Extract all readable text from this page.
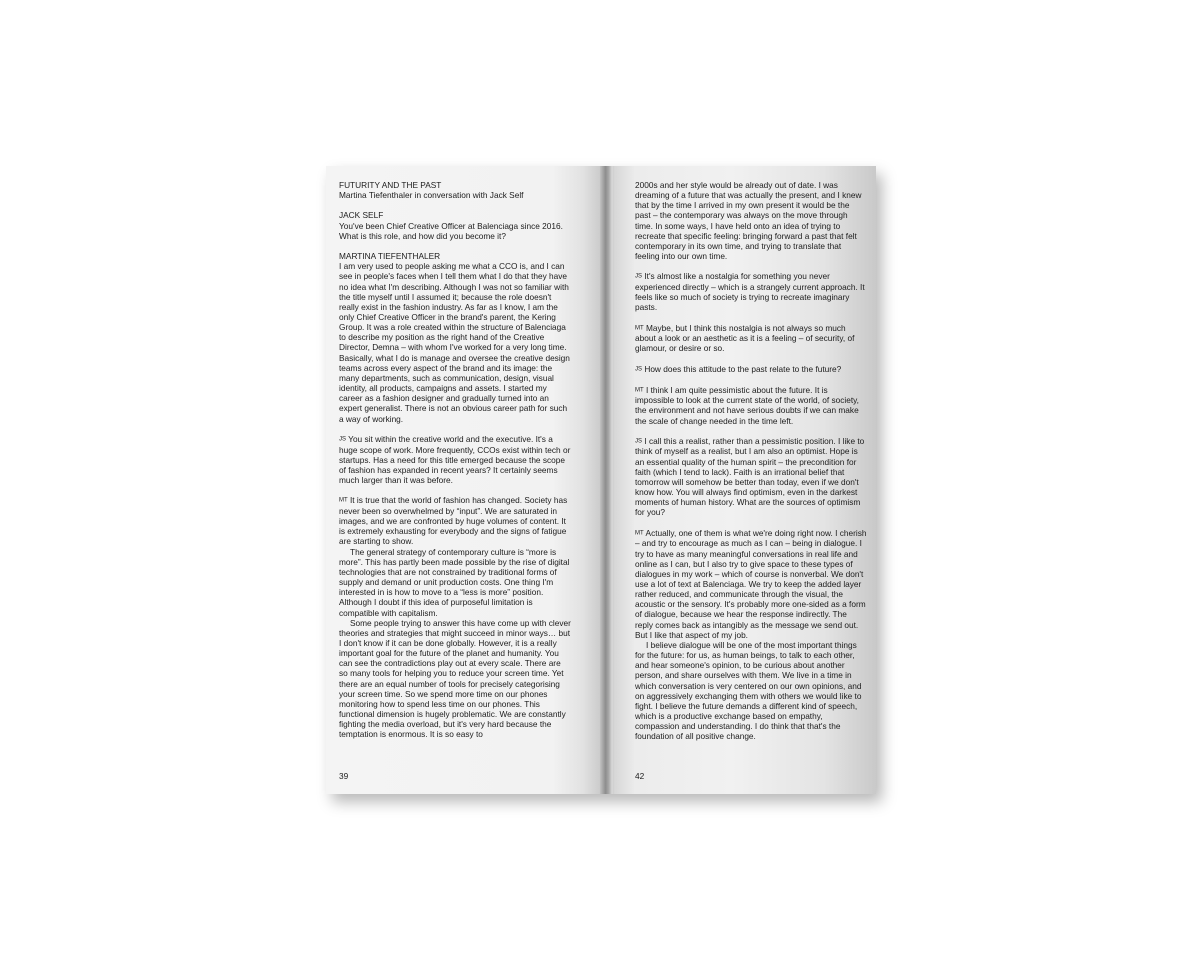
FUTURITY AND THE PAST

Martina Tiefenthaler in conversation with Jack Self

JACK SELF

You've been Chief Creative Officer at Balenciaga since 2016. What is this role, and how did you become it?

MARTINA TIEFENTHALER

I am very used to people asking me what a CCO is, and I can see in people's faces when I tell them what I do that they have no idea what I'm describing. Although I was not so familiar with the title myself until I assumed it; because the role doesn't really exist in the fashion industry. As far as I know, I am the only Chief Creative Officer in the brand's parent, the Kering Group. It was a role created within the structure of Balenciaga to describe my position as the right hand of the Creative Director, Demna – with whom I've worked for a very long time. Basically, what I do is manage and oversee the creative design teams across every aspect of the brand and its image: the many departments, such as communication, design, visual identity, all products, campaigns and assets. I started my career as a fashion designer and gradually turned into an expert generalist. There is not an obvious career path for such a way of working.

JS You sit within the creative world and the executive. It's a huge scope of work. More frequently, CCOs exist within tech or startups. Has a need for this title emerged because the scope of fashion has expanded in recent years? It certainly seems much larger than it was before.

MT It is true that the world of fashion has changed. Society has never been so overwhelmed by “input”. We are saturated in images, and we are confronted by huge volumes of content. It is extremely exhausting for everybody and the signs of fatigue are starting to show.

The general strategy of contemporary culture is “more is more”. This has partly been made possible by the rise of digital technologies that are not constrained by traditional forms of supply and demand or unit production costs. One thing I'm interested in is how to move to a “less is more” position. Although I doubt if this idea of purposeful limitation is compatible with capitalism.

Some people trying to answer this have come up with clever theories and strategies that might succeed in minor ways… but I don't know if it can be done globally. However, it is a really important goal for the future of the planet and humanity. You can see the contradictions play out at every scale. There are so many tools for helping you to reduce your screen time. Yet there are an equal number of tools for precisely categorising your screen time. So we spend more time on our phones monitoring how to spend less time on our phones. This functional dimension is hugely problematic. We are constantly fighting the media overload, but it's very hard because the temptation is enormous. It is so easy to

39

2000s and her style would be already out of date. I was dreaming of a future that was actually the present, and I knew that by the time I arrived in my own present it would be the past – the contemporary was always on the move through time. In some ways, I have held onto an idea of trying to recreate that specific feeling: bringing forward a past that felt contemporary in its own time, and trying to translate that feeling into our own time.

JS It's almost like a nostalgia for something you never experienced directly – which is a strangely current approach. It feels like so much of society is trying to recreate imaginary pasts.

MT Maybe, but I think this nostalgia is not always so much about a look or an aesthetic as it is a feeling – of security, of glamour, or desire or so.

JS How does this attitude to the past relate to the future?

MT I think I am quite pessimistic about the future. It is impossible to look at the current state of the world, of society, the environment and not have serious doubts if we can make the scale of change needed in the time left.

JS I call this a realist, rather than a pessimistic position. I like to think of myself as a realist, but I am also an optimist. Hope is an essential quality of the human spirit – the precondition for faith (which I tend to lack). Faith is an irrational belief that tomorrow will somehow be better than today, even if we don't know how. You will always find optimism, even in the darkest moments of human history. What are the sources of optimism for you?

MT Actually, one of them is what we're doing right now. I cherish – and try to encourage as much as I can – being in dialogue. I try to have as many meaningful conversations in real life and online as I can, but I also try to give space to these types of dialogues in my work – which of course is nonverbal. We don't use a lot of text at Balenciaga. We try to keep the added layer rather reduced, and communicate through the visual, the acoustic or the sensory. It's probably more one-sided as a form of dialogue, because we hear the response indirectly. The reply comes back as intangibly as the message we send out. But I like that aspect of my job.

I believe dialogue will be one of the most important things for the future: for us, as human beings, to talk to each other, and hear someone's opinion, to be curious about another person, and share ourselves with them. We live in a time in which conversation is very centered on our own opinions, and on aggressively exchanging them with others we would like to fight. I believe the future demands a different kind of speech, which is a productive exchange based on empathy, compassion and understanding. I do think that that's the foundation of all positive change.

42
